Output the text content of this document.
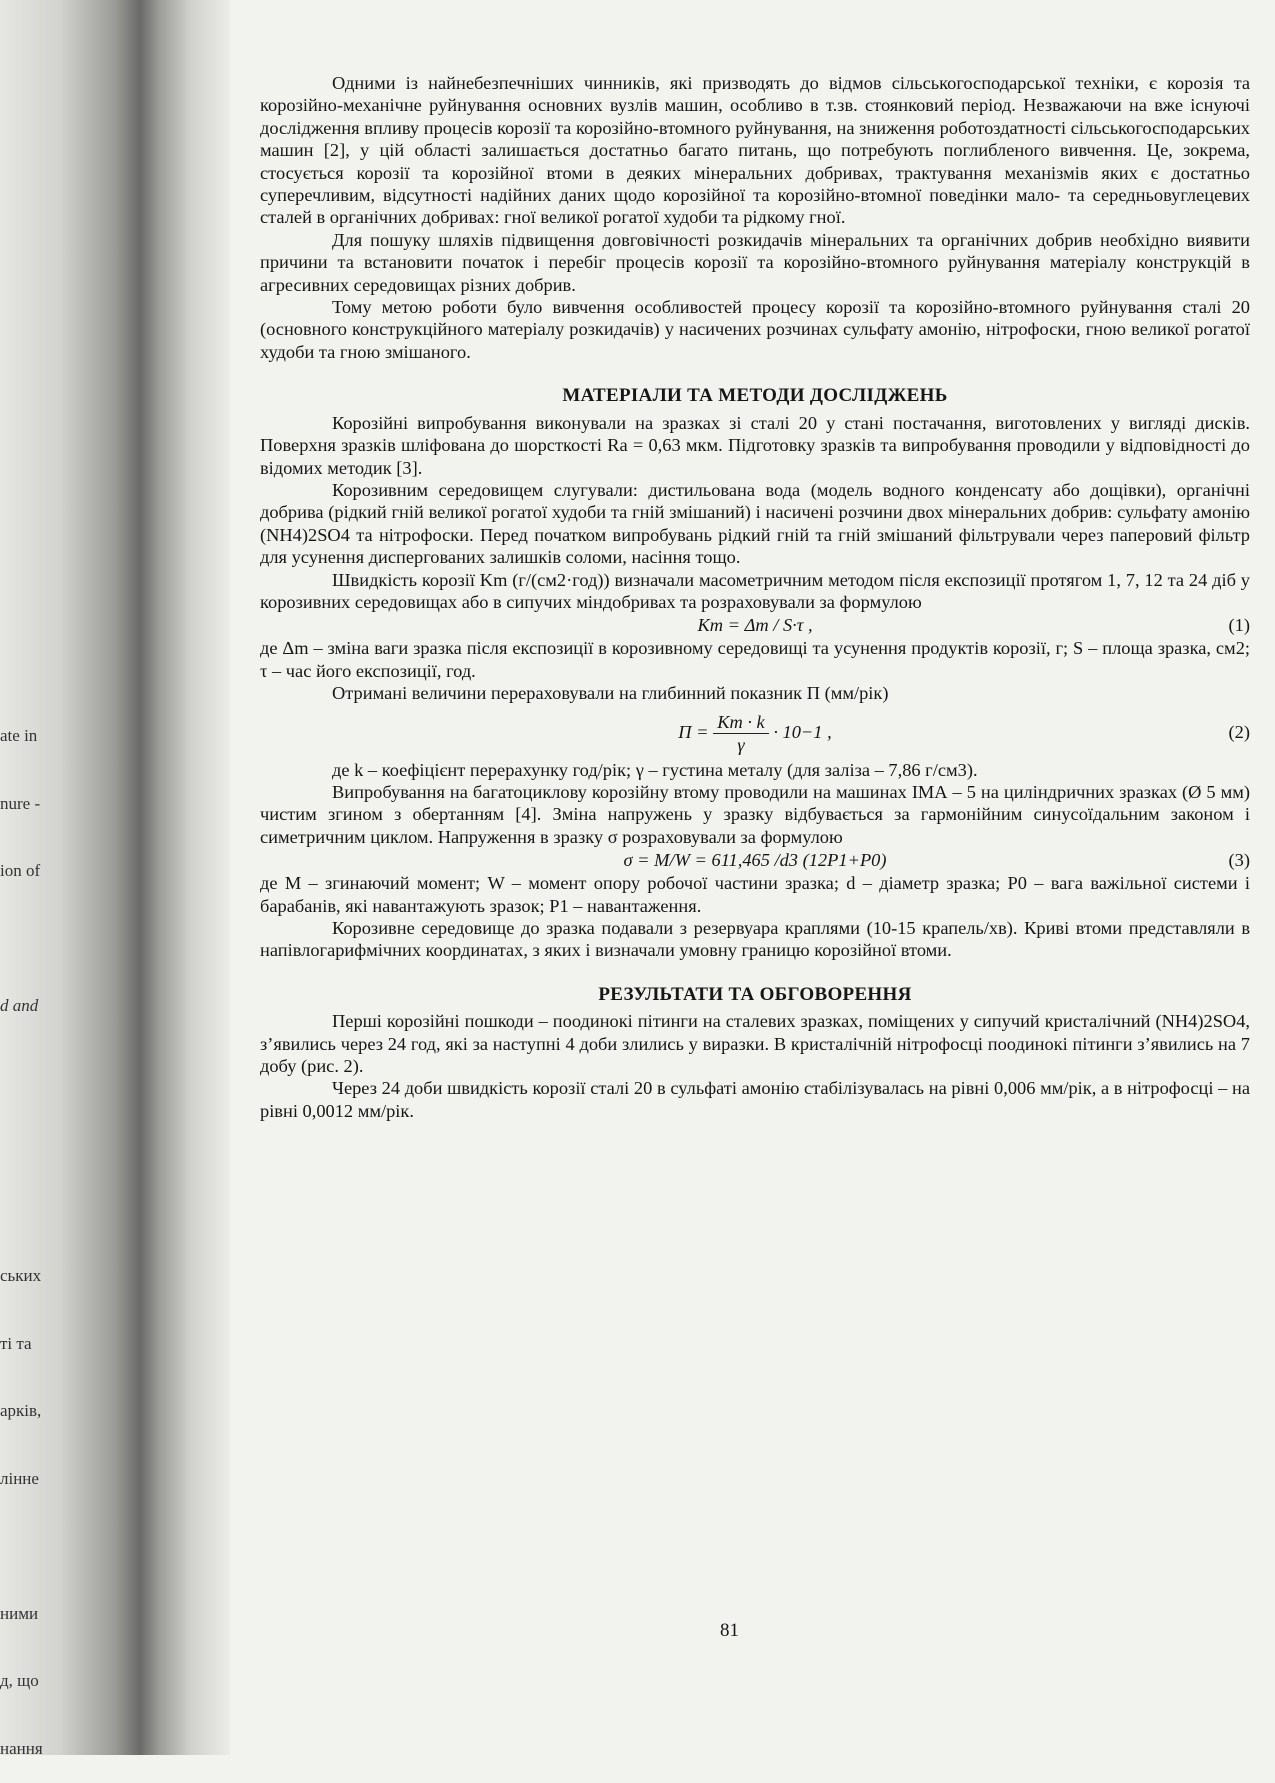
ate in

nure -

ion of

d and

ських

ті та

арків,

лінне

ними

д, що

нання

Одними із найнебезпечніших чинників, які призводять до відмов сільськогосподарської техніки, є корозія та корозійно-механічне руйнування основних вузлів машин, особливо в т.зв. стоянковий період. Незважаючи на вже існуючі дослідження впливу процесів корозії та корозійно-втомного руйнування, на зниження роботоздатності сільськогосподарських машин [2], у цій області залишається достатньо багато питань, що потребують поглибленого вивчення. Це, зокрема, стосується корозії та корозійної втоми в деяких мінеральних добривах, трактування механізмів яких є достатньо суперечливим, відсутності надійних даних щодо корозійної та корозійно-втомної поведінки мало- та середньовуглецевих сталей в органічних добривах: гної великої рогатої худоби та рідкому гної.

Для пошуку шляхів підвищення довговічності розкидачів мінеральних та органічних добрив необхідно виявити причини та встановити початок і перебіг процесів корозії та корозійно-втомного руйнування матеріалу конструкцій в агресивних середовищах різних добрив.

Тому метою роботи було вивчення особливостей процесу корозії та корозійно-втомного руйнування сталі 20 (основного конструкційного матеріалу розкидачів) у насичених розчинах сульфату амонію, нітрофоски, гною великої рогатої худоби та гною змішаного.

МАТЕРІАЛИ ТА МЕТОДИ ДОСЛІДЖЕНЬ

Корозійні випробування виконували на зразках зі сталі 20 у стані постачання, виготовлених у вигляді дисків. Поверхня зразків шліфована до шорсткості Ra = 0,63 мкм. Підготовку зразків та випробування проводили у відповідності до відомих методик [3].

Корозивним середовищем слугували: дистильована вода (модель водного конденсату або дощівки), органічні добрива (рідкий гній великої рогатої худоби та гній змішаний) і насичені розчини двох мінеральних добрив: сульфату амонію (NH4)2SO4 та нітрофоски. Перед початком випробувань рідкий гній та гній змішаний фільтрували через паперовий фільтр для усунення диспергованих залишків соломи, насіння тощо.

Швидкість корозії Km (г/(см2·год)) визначали масометричним методом після експозиції протягом 1, 7, 12 та 24 діб у корозивних середовищах або в сипучих міндобривах та розраховували за формулою

Km = Δm / S·τ ,	(1)

де Δm – зміна ваги зразка після експозиції в корозивному середовищі та усунення продуктів корозії, г; S – площа зразка, см2; τ – час його експозиції, год.

Отримані величини перераховували на глибинний показник П (мм/рік)

$П = \frac{Km \cdot k}{\gamma} \cdot 10-1$ ,	(2)

де k – коефіцієнт перерахунку год/рік; γ – густина металу (для заліза – 7,86 г/см3).

Випробування на багатоциклову корозійну втому проводили на машинах ІМА – 5 на циліндричних зразках (Ø 5 мм) чистим згином з обертанням [4]. Зміна напружень у зразку відбувається за гармонійним синусоїдальним законом і симетричним циклом. Напруження в зразку σ розраховували за формулою

σ = M/W = 611,465 /d3 (12P1+P0)	(3)

де M – згинаючий момент; W – момент опору робочої частини зразка; d – діаметр зразка; P0 – вага важільної системи і барабанів, які навантажують зразок; P1 – навантаження.

Корозивне середовище до зразка подавали з резервуара краплями (10-15 крапель/хв). Криві втоми представляли в напівлогарифмічних координатах, з яких і визначали умовну границю корозійної втоми.

РЕЗУЛЬТАТИ ТА ОБГОВОРЕННЯ

Перші корозійні пошкоди – поодинокі пітинги на сталевих зразках, поміщених у сипучий кристалічний (NH4)2SO4, з’явились через 24 год, які за наступні 4 доби злились у виразки. В кристалічній нітрофосці поодинокі пітинги з’явились на 7 добу (рис. 2).

Через 24 доби швидкість корозії сталі 20 в сульфаті амонію стабілізувалась на рівні 0,006 мм/рік, а в нітрофосці – на рівні 0,0012 мм/рік.

81
